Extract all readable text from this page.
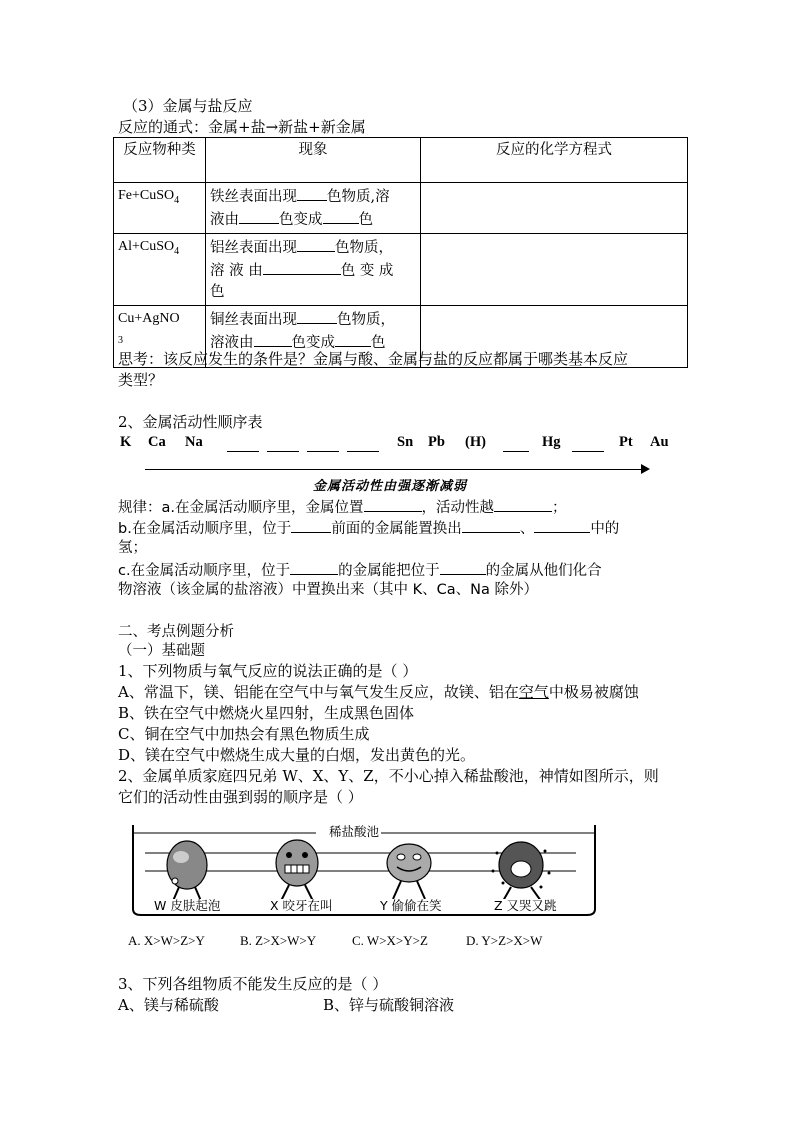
（3）金属与盐反应
反应的通式：金属+盐→新盐+新金属
反应物种类	现象	反应的化学方程式
Fe+CuSO$_4$	铁丝表面出现 色物质,溶
液由 色变成 色	
Al+CuSO$_4$	铝丝表面出现 色物质，
溶 液 由 色 变 成
色	
Cu+AgNO
3	铜丝表面出现 色物质，
溶液由 色变成 色	
思考：该反应发生的条件是？金属与酸、金属与盐的反应都属于哪类基本反应
类型？
2、金属活动性顺序表
K Ca Na	Sn Pb (H)	Hg	Pt Au
金属活动性由强逐渐减弱
规律：a.在金属活动顺序里，金属位置	，活动性越	；
b.在金属活动顺序里，位于	前面的金属能置换出	、	中的
氢；
c.在金属活动顺序里，位于	的金属能把位于	的金属从他们化合
物溶液（该金属的盐溶液）中置换出来（其中 K、Ca、Na 除外）
二、考点例题分析
（一）基础题
1、下列物质与氧气反应的说法正确的是（ ）
A、常温下，镁、铝能在空气中与氧气发生反应，故镁、铝在空气中极易被腐蚀
B、铁在空气中燃烧火星四射，生成黑色固体
C、铜在空气中加热会有黑色物质生成
D、镁在空气中燃烧生成大量的白烟，发出黄色的光。
2、金属单质家庭四兄弟 W、X、Y、Z，不小心掉入稀盐酸池，神情如图所示，则
它们的活动性由强到弱的顺序是（ ）
稀盐酸池
W 皮肤起泡	X 咬牙在叫	Y 偷偷在笑	Z 又哭又跳
A. X>W>Z>Y	B. Z>X>W>Y	C. W>X>Y>Z	D. Y>Z>X>W
3、下列各组物质不能发生反应的是（ ）
A、镁与稀硫酸	B、锌与硫酸铜溶液
